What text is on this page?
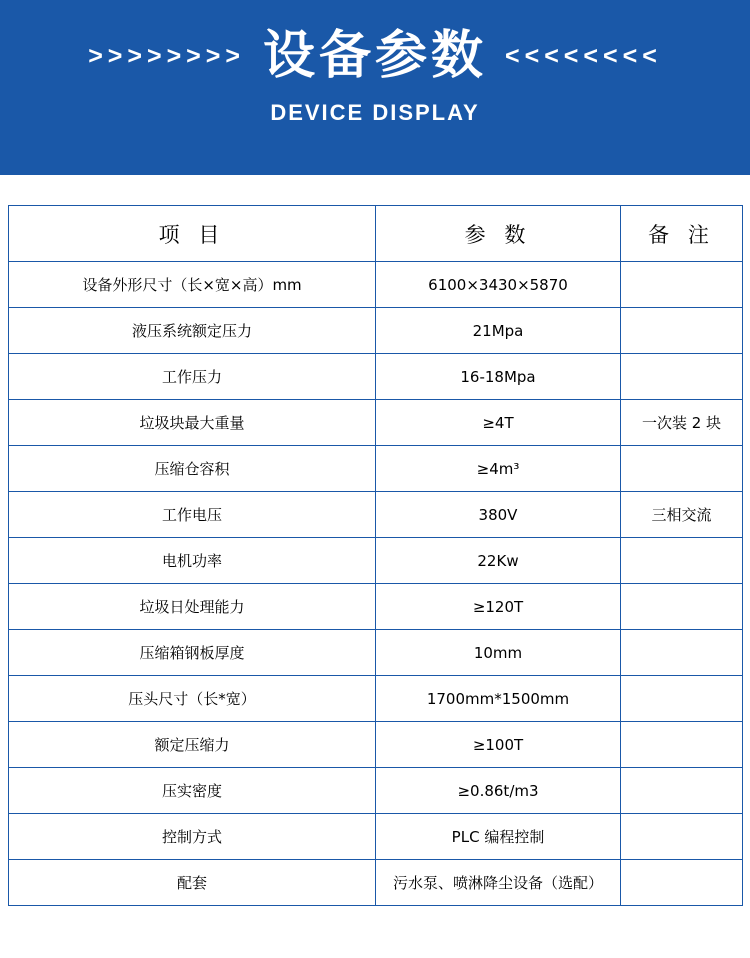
>>>>>>>> 设备参数 <<<<<<<<
DEVICE DISPLAY
项 目	参 数	备 注
设备外形尺寸（长×宽×高）mm	6100×3430×5870	
液压系统额定压力	21Mpa	
工作压力	16-18Mpa	
垃圾块最大重量	≥4T	一次装 2 块
压缩仓容积	≥4m³	
工作电压	380V	三相交流
电机功率	22Kw	
垃圾日处理能力	≥120T	
压缩箱钢板厚度	10mm	
压头尺寸（长*宽）	1700mm*1500mm	
额定压缩力	≥100T	
压实密度	≥0.86t/m3	
控制方式	PLC 编程控制	
配套	污水泵、喷淋降尘设备（选配）	
